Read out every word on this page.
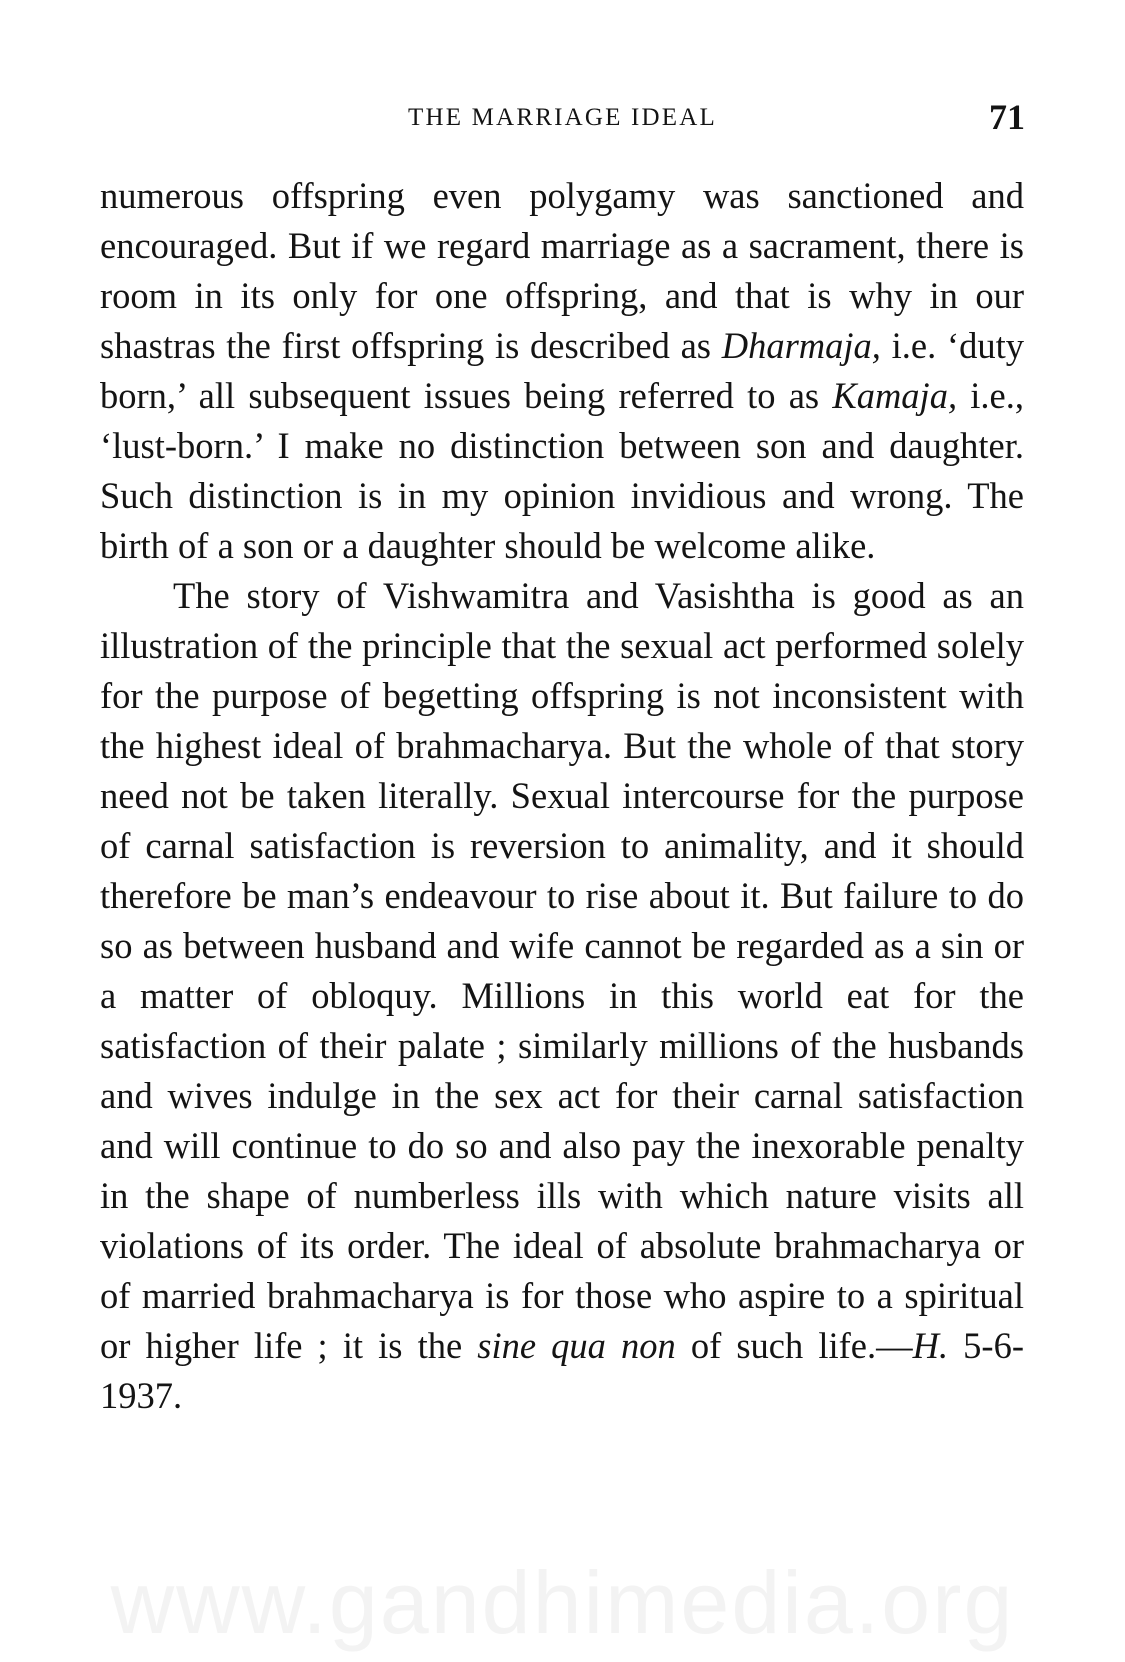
THE MARRIAGE IDEAL	71

numerous offspring even polygamy was sanctioned and encouraged. But if we regard marriage as a sacrament, there is room in its only for one offspring, and that is why in our shastras the first offspring is described as Dharmaja, i.e. ‘duty born,’ all subsequent issues being referred to as Kamaja, i.e., ‘lust-born.’ I make no distinction between son and daughter. Such distinction is in my opinion invidious and wrong. The birth of a son or a daughter should be welcome alike.

The story of Vishwamitra and Vasishtha is good as an illustration of the principle that the sexual act performed solely for the purpose of begetting offspring is not inconsistent with the highest ideal of brahmacharya. But the whole of that story need not be taken literally. Sexual intercourse for the purpose of carnal satisfaction is reversion to animality, and it should therefore be man’s endeavour to rise about it. But failure to do so as between husband and wife cannot be regarded as a sin or a matter of obloquy. Millions in this world eat for the satisfaction of their palate ; similarly millions of the husbands and wives indulge in the sex act for their carnal satisfaction and will continue to do so and also pay the inexorable penalty in the shape of numberless ills with which nature visits all violations of its order. The ideal of absolute brahmacharya or of married brahmacharya is for those who aspire to a spiritual or higher life ; it is the sine qua non of such life.—H. 5-6-1937.

www.gandhimedia.org
